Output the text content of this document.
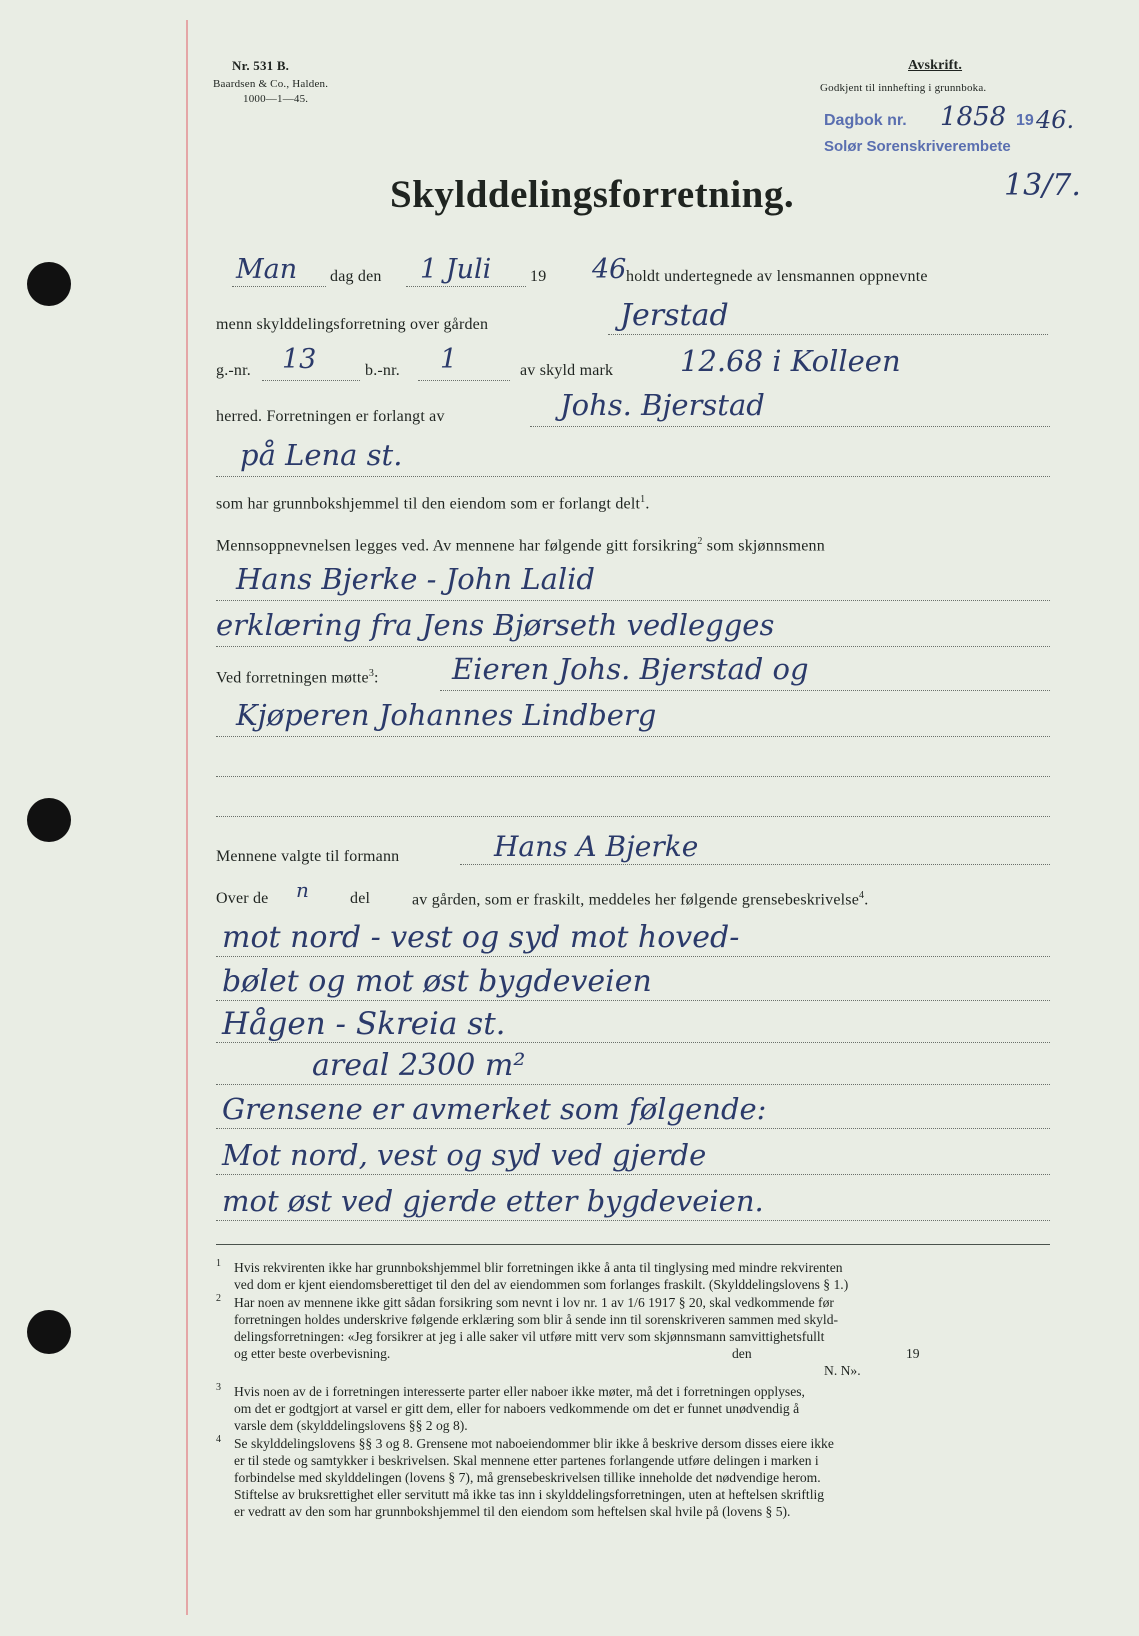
Nr. 531 B.
Baardsen & Co., Halden.
1000—1—45.
Avskrift.
Godkjent til innhefting i grunnboka.
Dagbok nr. 1858 19 46.
Solør Sorenskriverembete
13/7.
Skylddelingsforretning.
Man dag den 1 Juli 19 46 holdt undertegnede av lensmannen oppnevnte
menn skylddelingsforretning over gården	Jerstad
g.-nr. 13	b.-nr. 1	av skyld mark 12.68 i Kolleen
herred. Forretningen er forlangt av	Johs. Bjerstad
på Lena st.
som har grunnbokshjemmel til den eiendom som er forlangt delt$^1$.
Mennsoppnevnelsen legges ved. Av mennene har følgende gitt forsikring$^2$ som skjønnsmenn
Hans Bjerke - John Lalid
erklæring fra Jens Bjørseth vedlegges
Ved forretningen møtte$^3$:	Eieren Johs. Bjerstad og
Kjøperen Johannes Lindberg
Mennene valgte til formann	Hans A Bjerke
Over de n	del	av gården, som er fraskilt, meddeles her følgende grensebeskrivelse$^4$.
mot nord - vest og syd mot hoved-
bølet og mot øst bygdeveien
Hågen - Skreia st.
areal 2300 m²
Grensene er avmerket som følgende:
Mot nord, vest og syd ved gjerde
mot øst ved gjerde etter bygdeveien.
1 Hvis rekvirenten ikke har grunnbokshjemmel blir forretningen ikke å anta til tinglysing med mindre rekvirenten
ved dom er kjent eiendomsberettiget til den del av eiendommen som forlanges fraskilt. (Skylddelingslovens § 1.)
2 Har noen av mennene ikke gitt sådan forsikring som nevnt i lov nr. 1 av 1/6 1917 § 20, skal vedkommende før
forretningen holdes underskrive følgende erklæring som blir å sende inn til sorenskriveren sammen med skyld-
delingsforretningen: «Jeg forsikrer at jeg i alle saker vil utføre mitt verv som skjønnsmann samvittighetsfullt
og etter beste overbevisning.	den	19
N. N».
3 Hvis noen av de i forretningen interesserte parter eller naboer ikke møter, må det i forretningen opplyses,
om det er godtgjort at varsel er gitt dem, eller for naboers vedkommende om det er funnet unødvendig å
varsle dem (skylddelingslovens §§ 2 og 8).
4 Se skylddelingslovens §§ 3 og 8. Grensene mot naboeiendommer blir ikke å beskrive dersom disses eiere ikke
er til stede og samtykker i beskrivelsen. Skal mennene etter partenes forlangende utføre delingen i marken i
forbindelse med skylddelingen (lovens § 7), må grensebeskrivelsen tillike inneholde det nødvendige herom.
Stiftelse av bruksrettighet eller servitutt må ikke tas inn i skylddelingsforretningen, uten at heftelsen skriftlig
er vedratt av den som har grunnbokshjemmel til den eiendom som heftelsen skal hvile på (lovens § 5).
